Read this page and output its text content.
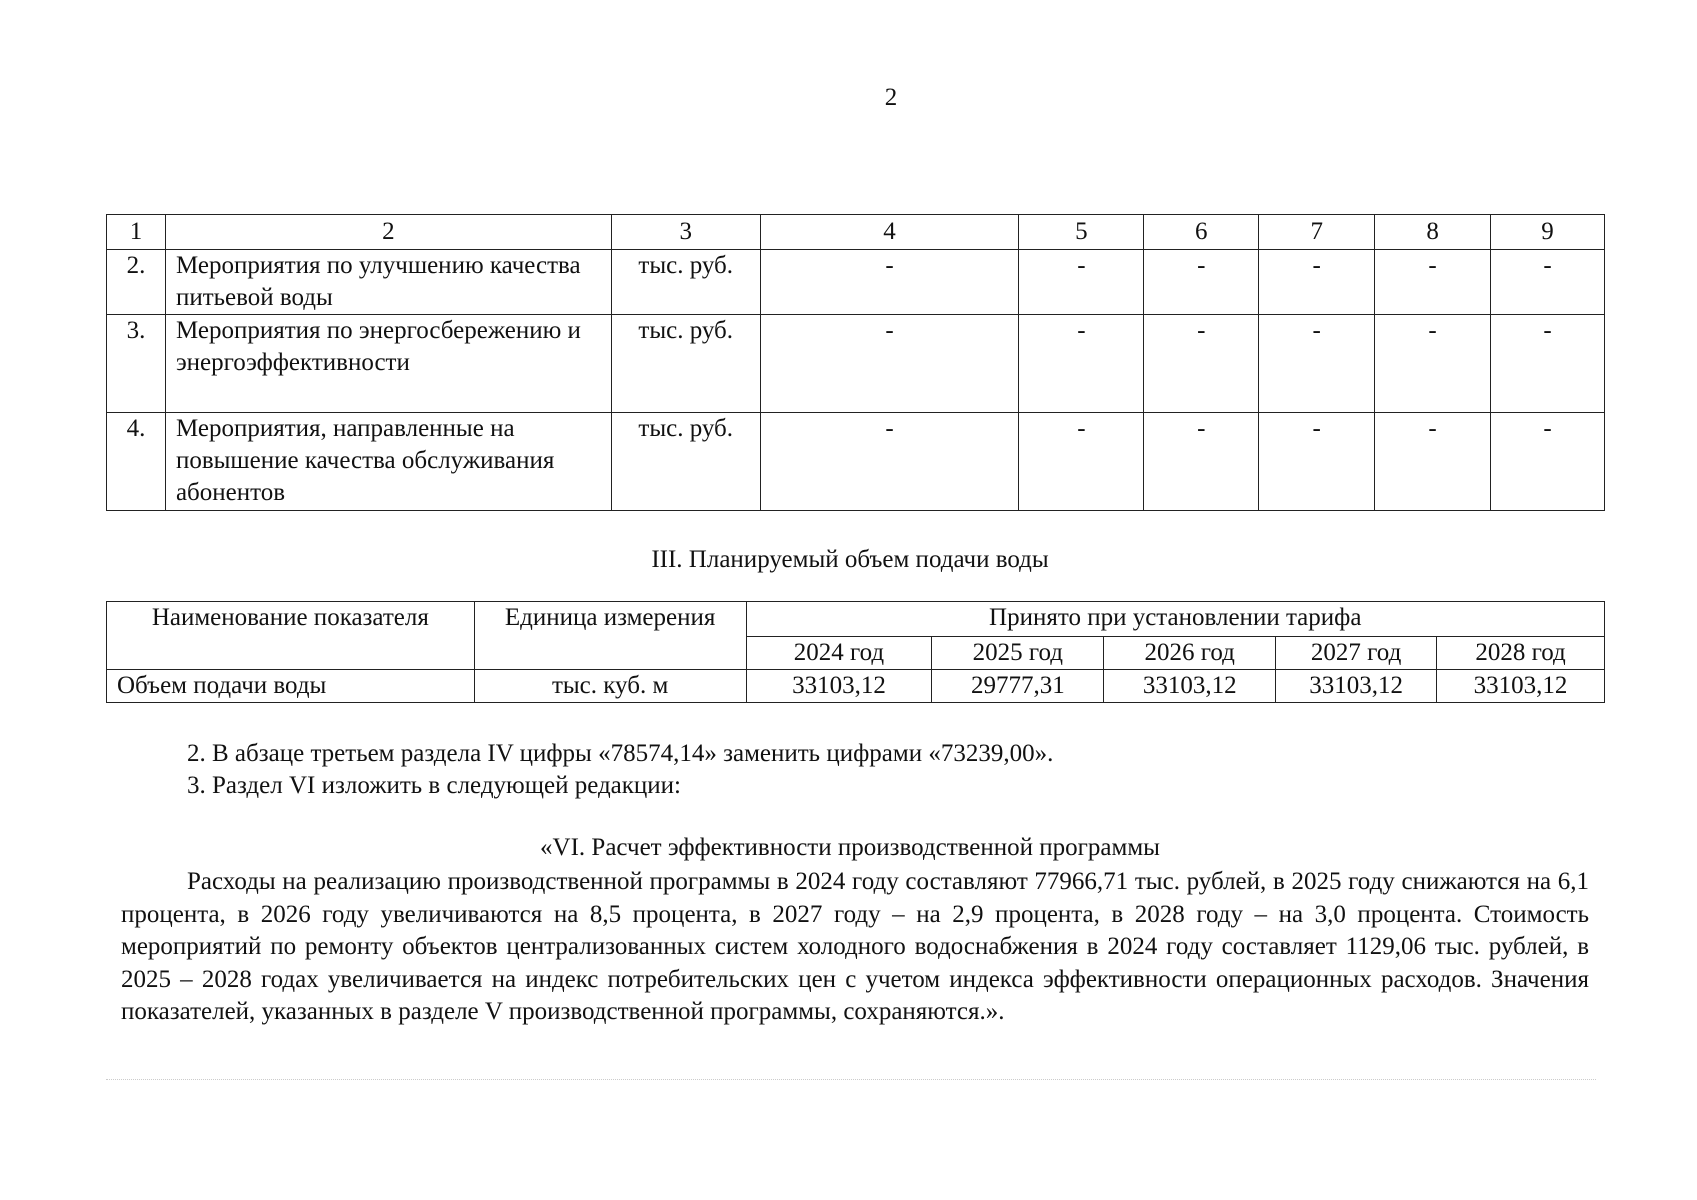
2
1	2	3	4	5	6	7	8	9
2.	Мероприятия по улучшению качества питьевой воды	тыс. руб.	-	-	-	-	-	-
3.	Мероприятия по энергосбережению и энергоэффективности	тыс. руб.	-	-	-	-	-	-
4.	Мероприятия, направленные на повышение качества обслуживания абонентов	тыс. руб.	-	-	-	-	-	-
III. Планируемый объем подачи воды
Наименование показателя	Единица измерения	Принято при установлении тарифа				
		2024 год	2025 год	2026 год	2027 год	2028 год
Объем подачи воды	тыс. куб. м	33103,12	29777,31	33103,12	33103,12	33103,12
2. В абзаце третьем раздела IV цифры «78574,14» заменить цифрами «73239,00».
3. Раздел VI изложить в следующей редакции:
«VI. Расчет эффективности производственной программы
Расходы на реализацию производственной программы в 2024 году составляют 77966,71 тыс. рублей, в 2025 году снижаются на 6,1 процента, в 2026 году увеличиваются на 8,5 процента, в 2027 году – на 2,9 процента, в 2028 году – на 3,0 процента. Стоимость мероприятий по ремонту объектов централизованных систем холодного водоснабжения в 2024 году составляет 1129,06 тыс. рублей, в 2025 – 2028 годах увеличивается на индекс потребительских цен с учетом индекса эффективности операционных расходов. Значения показателей, указанных в разделе V производственной программы, сохраняются.».
